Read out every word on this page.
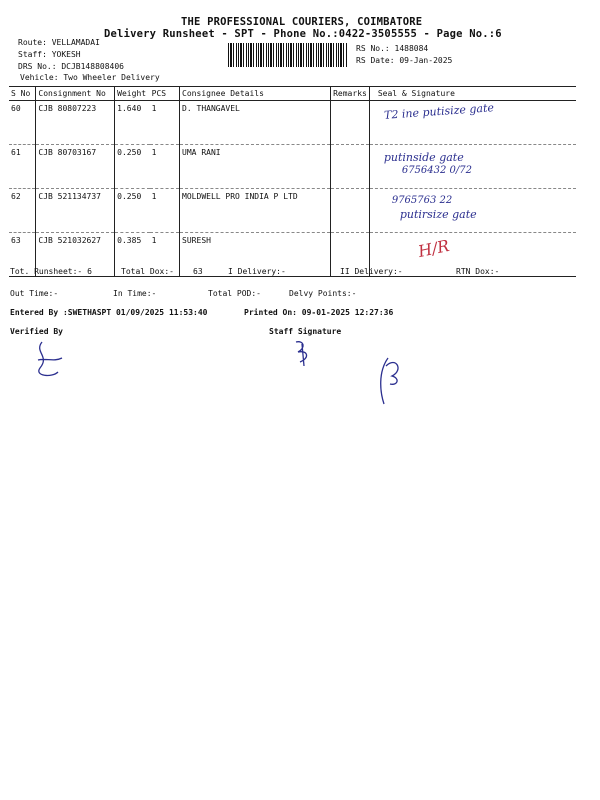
THE PROFESSIONAL COURIERS, COIMBATORE
Delivery Runsheet - SPT - Phone No.:0422-3505555 - Page No.:6
Route: VELLAMADAI
Staff: YOKESH
DRS No.: DCJB148808406
Vehicle: Two Wheeler Delivery
RS No.: 1488084
RS Date: 09-Jan-2025
S No	Consignment No	Weight	PCS	Consignee Details	Remarks	Seal & Signature
60	CJB 80807223	1.640	1	D. THANGAVEL		T2 ine putisize gate

61	CJB 80703167	0.250	1	UMA RANI		putinside gate
6756432 0/72

62	CJB 521134737	0.250	1	MOLDWELL PRO INDIA P LTD		9765763 22
putirsize gate

63	CJB 521032627	0.385	1	SURESH		H/R
Tot. Runsheet:- 6	Total Dox:- 63	I Delivery:-	II Delivery:-	RTN Dox:-
Out Time:-	In Time:-	Total POD:-	Delvy Points:-
Entered By :SWETHASPT 01/09/2025 11:53:40	Printed On: 09-01-2025 12:27:36
Verified By	Staff Signature
